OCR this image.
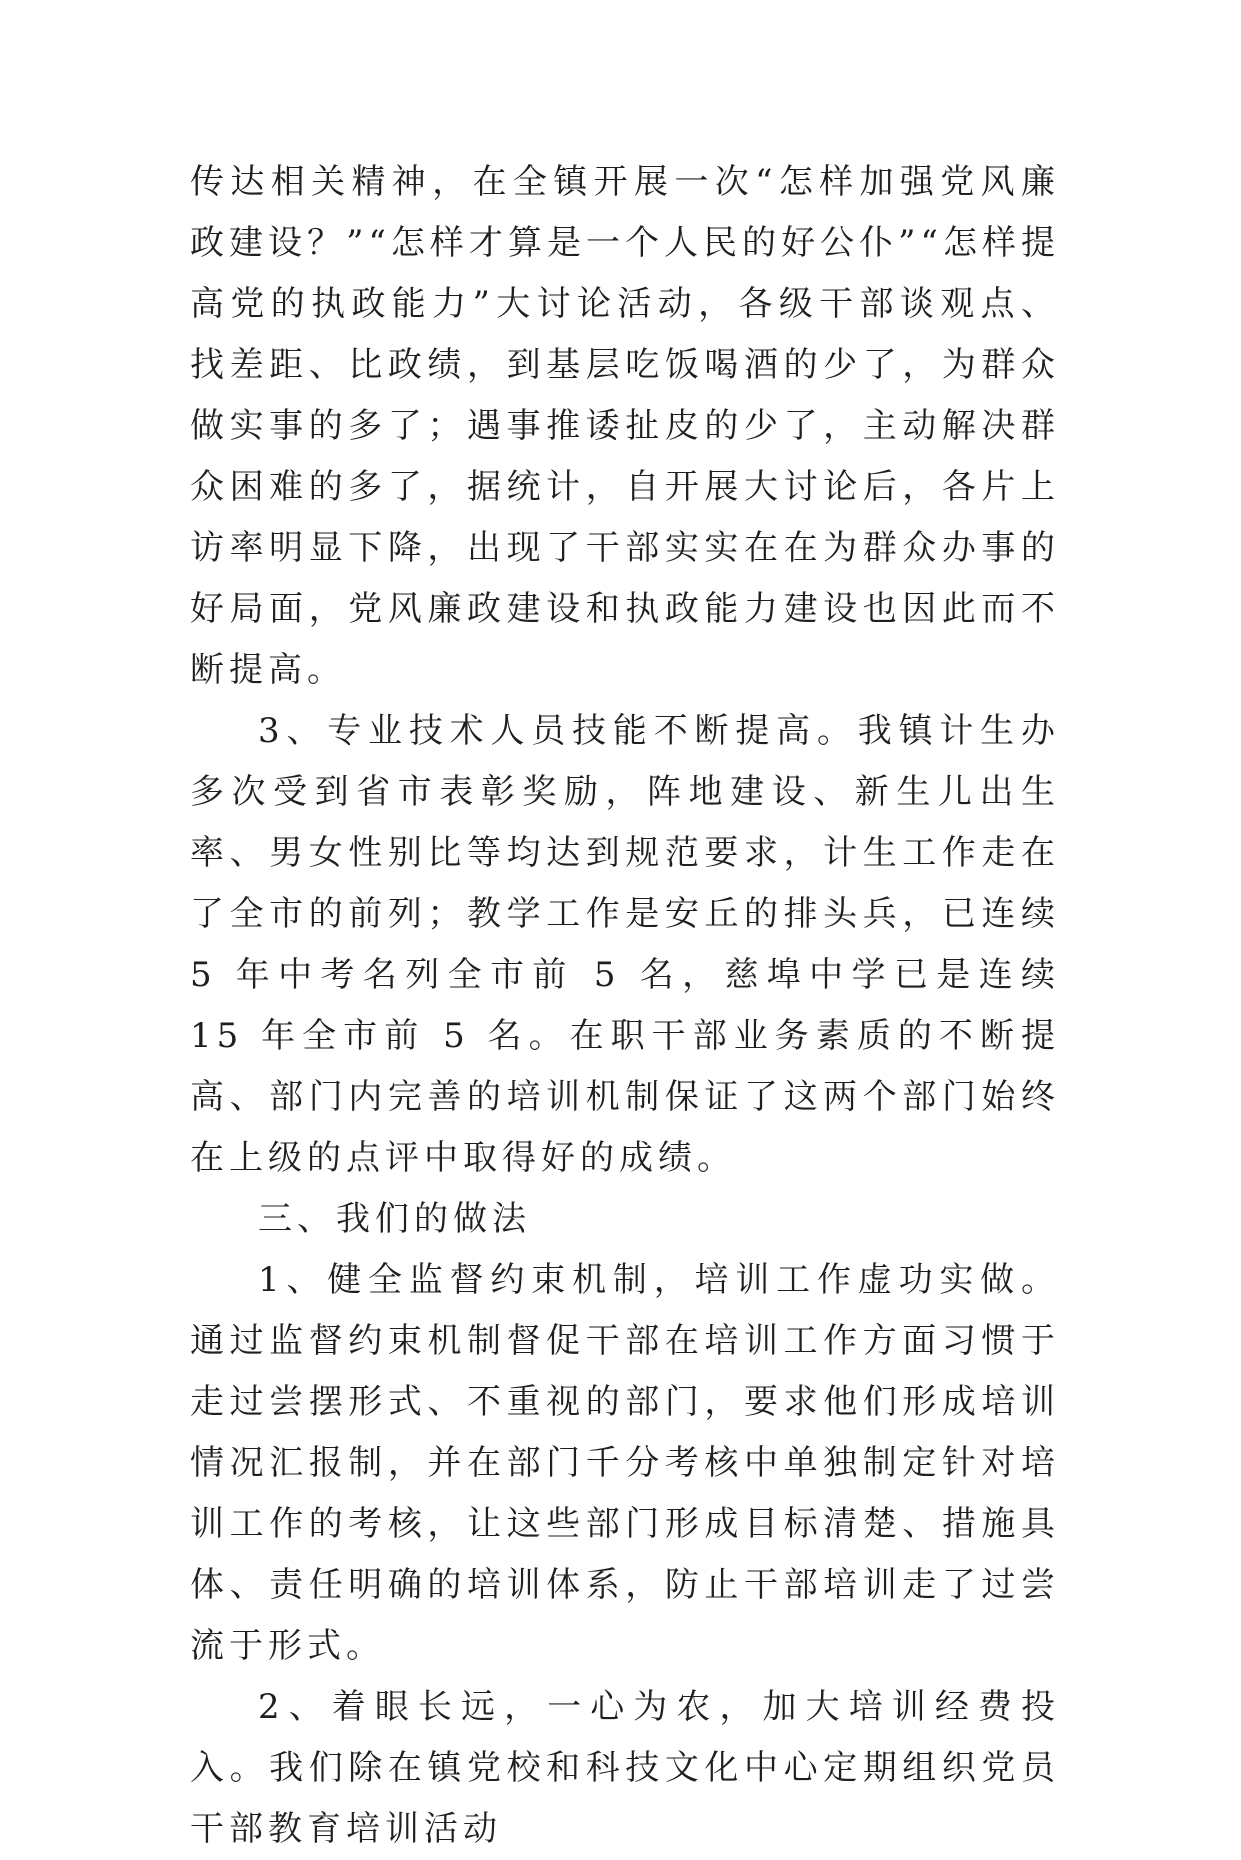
传达相关精神，在全镇开展一次“怎样加强党风廉政建设？”“怎样才算是一个人民的好公仆”“怎样提高党的执政能力”大讨论活动，各级干部谈观点、找差距、比政绩，到基层吃饭喝酒的少了，为群众做实事的多了；遇事推诿扯皮的少了，主动解决群众困难的多了，据统计，自开展大讨论后，各片上访率明显下降，出现了干部实实在在为群众办事的好局面，党风廉政建设和执政能力建设也因此而不断提高。

3、专业技术人员技能不断提高。我镇计生办多次受到省市表彰奖励，阵地建设、新生儿出生率、男女性别比等均达到规范要求，计生工作走在了全市的前列；教学工作是安丘的排头兵，已连续 5 年中考名列全市前 5 名，慈埠中学已是连续 15 年全市前 5 名。在职干部业务素质的不断提高、部门内完善的培训机制保证了这两个部门始终在上级的点评中取得好的成绩。

三、我们的做法

1、健全监督约束机制，培训工作虚功实做。通过监督约束机制督促干部在培训工作方面习惯于走过尝摆形式、不重视的部门，要求他们形成培训情况汇报制，并在部门千分考核中单独制定针对培训工作的考核，让这些部门形成目标清楚、措施具体、责任明确的培训体系，防止干部培训走了过尝流于形式。

2、着眼长远，一心为农，加大培训经费投入。我们除在镇党校和科技文化中心定期组织党员干部教育培训活动
